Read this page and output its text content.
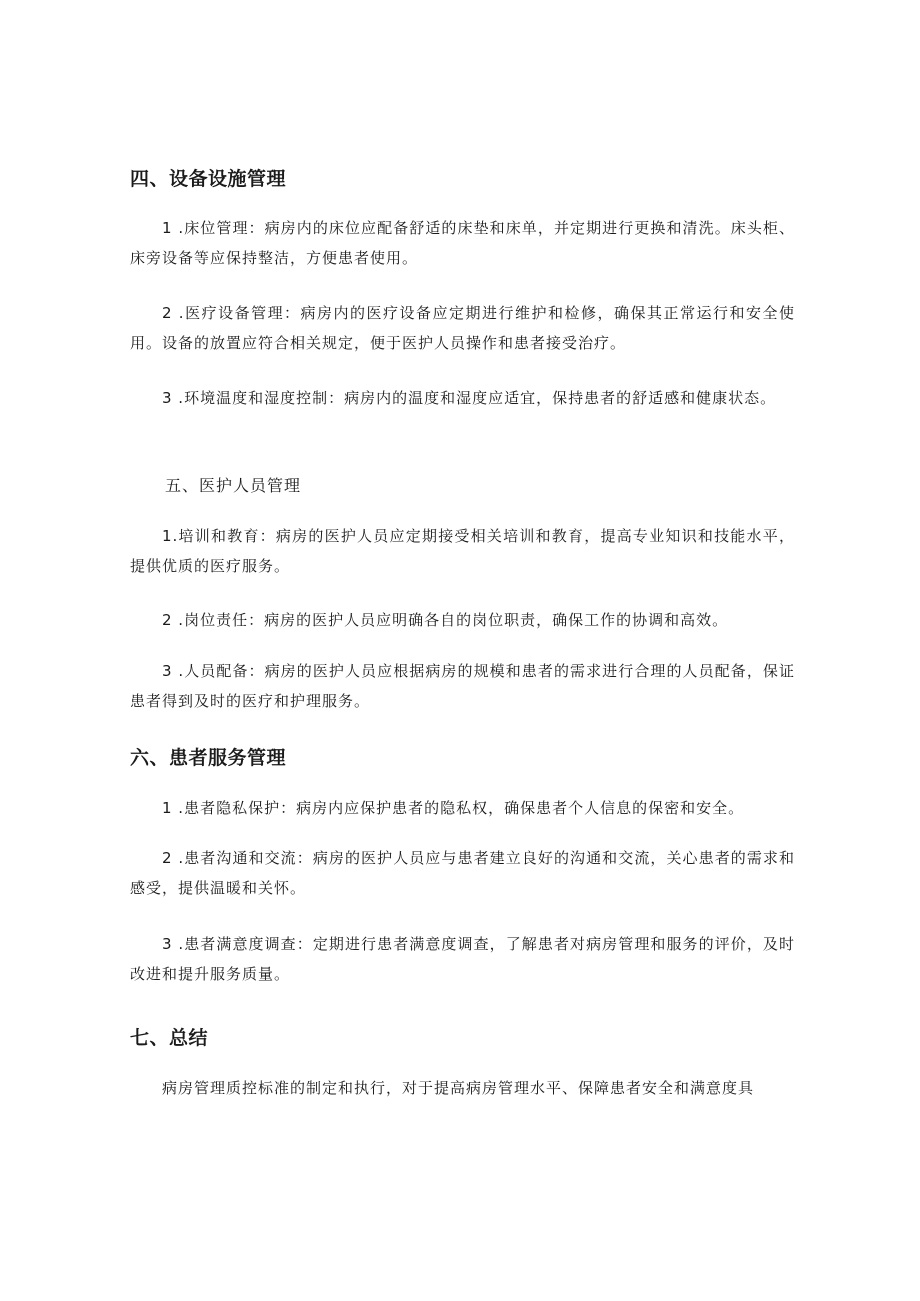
四、设备设施管理
1 .床位管理：病房内的床位应配备舒适的床垫和床单，并定期进行更换和清洗。床头柜、床旁设备等应保持整洁，方便患者使用。
2 .医疗设备管理：病房内的医疗设备应定期进行维护和检修，确保其正常运行和安全使用。设备的放置应符合相关规定，便于医护人员操作和患者接受治疗。
3 .环境温度和湿度控制：病房内的温度和湿度应适宜，保持患者的舒适感和健康状态。
五、医护人员管理
1.培训和教育：病房的医护人员应定期接受相关培训和教育，提高专业知识和技能水平，提供优质的医疗服务。
2 .岗位责任：病房的医护人员应明确各自的岗位职责，确保工作的协调和高效。
3 .人员配备：病房的医护人员应根据病房的规模和患者的需求进行合理的人员配备，保证患者得到及时的医疗和护理服务。
六、患者服务管理
1 .患者隐私保护：病房内应保护患者的隐私权，确保患者个人信息的保密和安全。
2 .患者沟通和交流：病房的医护人员应与患者建立良好的沟通和交流，关心患者的需求和感受，提供温暖和关怀。
3 .患者满意度调查：定期进行患者满意度调查，了解患者对病房管理和服务的评价，及时改进和提升服务质量。
七、总结
病房管理质控标准的制定和执行，对于提高病房管理水平、保障患者安全和满意度具
